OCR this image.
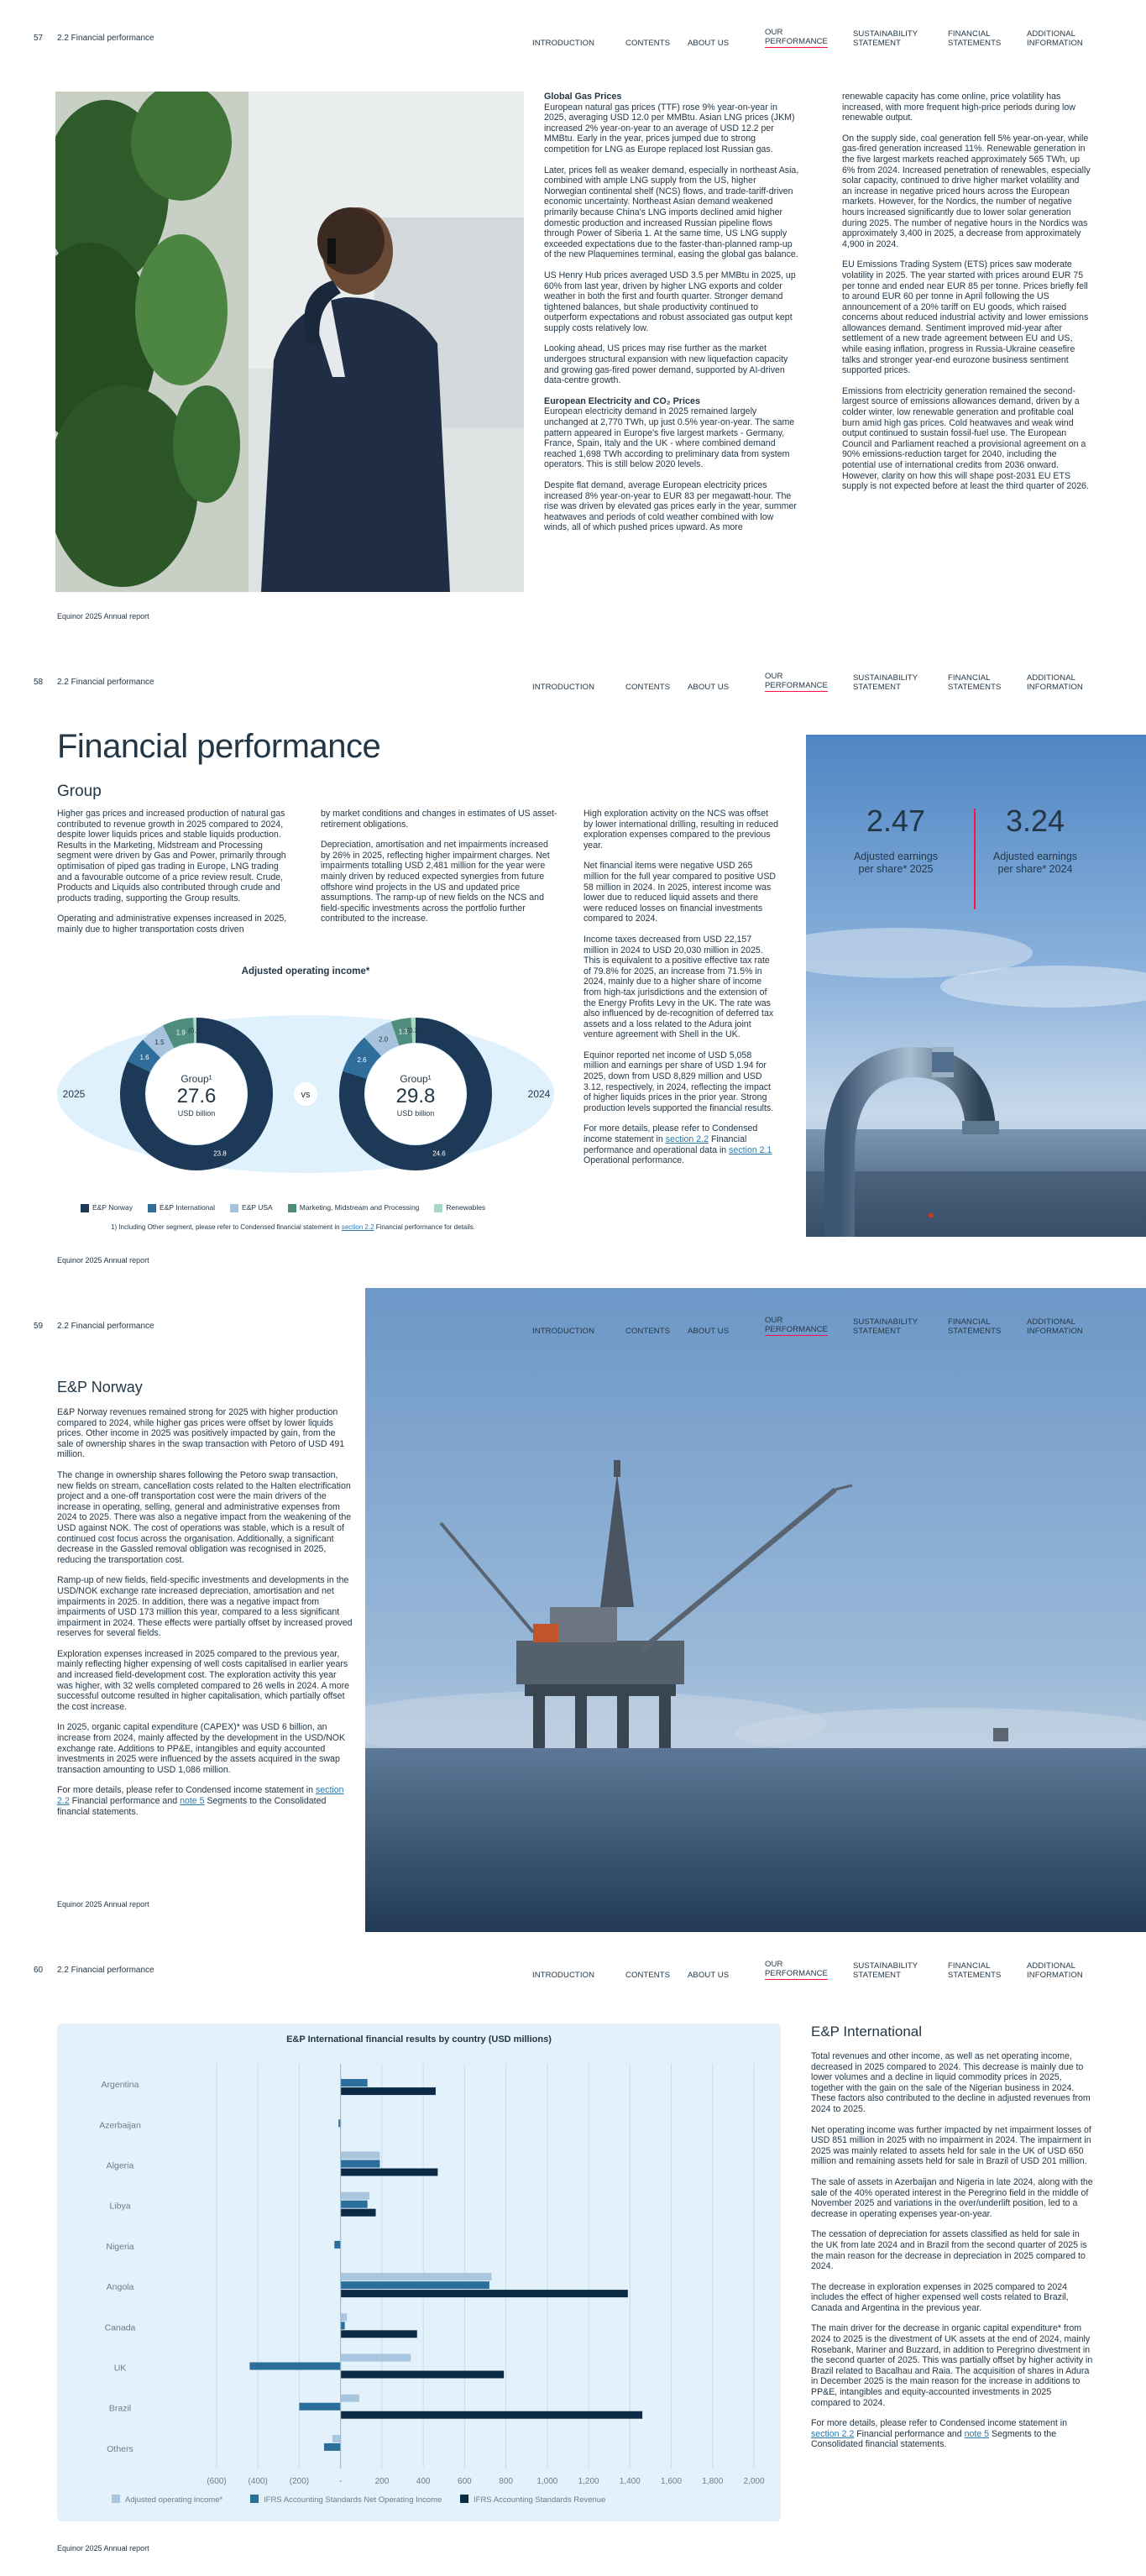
57 2.2 Financial performance
INTRODUCTION	CONTENTS ABOUT US
OUR
PERFORMANCE
SUSTAINABILITY
STATEMENT
FINANCIAL
STATEMENTS
ADDITIONAL
INFORMATION
Global Gas Prices

European natural gas prices (TTF) rose 9% year-on-year in 2025, averaging USD 12.0 per MMBtu. Asian LNG prices (JKM) increased 2% year-on-year to an average of USD 12.2 per MMBtu. Early in the year, prices jumped due to strong competition for LNG as Europe replaced lost Russian gas.

Later, prices fell as weaker demand, especially in northeast Asia, combined with ample LNG supply from the US, higher Norwegian continental shelf (NCS) flows, and trade-tariff-driven economic uncertainty. Northeast Asian demand weakened primarily because China's LNG imports declined amid higher domestic production and increased Russian pipeline flows through Power of Siberia 1. At the same time, US LNG supply exceeded expectations due to the faster-than-planned ramp-up of the new Plaquemines terminal, easing the global gas balance.

US Henry Hub prices averaged USD 3.5 per MMBtu in 2025, up 60% from last year, driven by higher LNG exports and colder weather in both the first and fourth quarter. Stronger demand tightened balances, but shale productivity continued to outperform expectations and robust associated gas output kept supply costs relatively low.

Looking ahead, US prices may rise further as the market undergoes structural expansion with new liquefaction capacity and growing gas-fired power demand, supported by AI-driven data-centre growth.

European Electricity and CO₂ Prices

European electricity demand in 2025 remained largely unchanged at 2,770 TWh, up just 0.5% year-on-year. The same pattern appeared in Europe's five largest markets - Germany, France, Spain, Italy and the UK - where combined demand reached 1,698 TWh according to preliminary data from system operators. This is still below 2020 levels.

Despite flat demand, average European electricity prices increased 8% year-on-year to EUR 83 per megawatt-hour. The rise was driven by elevated gas prices early in the year, summer heatwaves and periods of cold weather combined with low winds, all of which pushed prices upward. As more

renewable capacity has come online, price volatility has increased, with more frequent high-price periods during low renewable output.

On the supply side, coal generation fell 5% year-on-year, while gas-fired generation increased 11%. Renewable generation in the five largest markets reached approximately 565 TWh, up 6% from 2024. Increased penetration of renewables, especially solar capacity, continued to drive higher market volatility and an increase in negative priced hours across the European markets. However, for the Nordics, the number of negative hours increased significantly due to lower solar generation during 2025. The number of negative hours in the Nordics was approximately 3,400 in 2025, a decrease from approximately 4,900 in 2024.

EU Emissions Trading System (ETS) prices saw moderate volatility in 2025. The year started with prices around EUR 75 per tonne and ended near EUR 85 per tonne. Prices briefly fell to around EUR 60 per tonne in April following the US announcement of a 20% tariff on EU goods, which raised concerns about reduced industrial activity and lower emissions allowances demand. Sentiment improved mid-year after settlement of a new trade agreement between EU and US, while easing inflation, progress in Russia-Ukraine ceasefire talks and stronger year-end eurozone business sentiment supported prices.

Emissions from electricity generation remained the second-largest source of emissions allowances demand, driven by a colder winter, low renewable generation and profitable coal burn amid high gas prices. Cold heatwaves and weak wind output continued to sustain fossil-fuel use. The European Council and Parliament reached a provisional agreement on a 90% emissions-reduction target for 2040, including the potential use of international credits from 2036 onward. However, clarity on how this will shape post-2031 EU ETS supply is not expected before at least the third quarter of 2026.

Equinor 2025 Annual report
58 2.2 Financial performance
INTRODUCTION	CONTENTS ABOUT US
OUR
PERFORMANCE
SUSTAINABILITY
STATEMENT
FINANCIAL
STATEMENTS
ADDITIONAL
INFORMATION
Financial performance
Group

Higher gas prices and increased production of natural gas contributed to revenue growth in 2025 compared to 2024, despite lower liquids prices and stable liquids production. Results in the Marketing, Midstream and Processing segment were driven by Gas and Power, primarily through optimisation of piped gas trading in Europe, LNG trading and a favourable outcome of a price review result. Crude, Products and Liquids also contributed through crude and products trading, supporting the Group results.

Operating and administrative expenses increased in 2025, mainly due to higher transportation costs driven

by market conditions and changes in estimates of US asset-retirement obligations.

Depreciation, amortisation and net impairments increased by 26% in 2025, reflecting higher impairment charges. Net impairments totalling USD 2,481 million for the year were mainly driven by reduced expected synergies from future offshore wind projects in the US and updated price assumptions. The ramp-up of new fields on the NCS and field-specific investments across the portfolio further contributed to the increase.

High exploration activity on the NCS was offset by lower international drilling, resulting in reduced exploration expenses compared to the previous year.

Net financial items were negative USD 265 million for the full year compared to positive USD 58 million in 2024. In 2025, interest income was lower due to reduced liquid assets and there were reduced losses on financial investments compared to 2024.

Income taxes decreased from USD 22,157 million in 2024 to USD 20,030 million in 2025. This is equivalent to a positive effective tax rate of 79.8% for 2025, an increase from 71.5% in 2024, mainly due to a higher share of income from high-tax jurisdictions and the extension of the Energy Profits Levy in the UK. The rate was also influenced by de-recognition of deferred tax assets and a loss related to the Adura joint venture agreement with Shell in the UK.

Equinor reported net income of USD 5,058 million and earnings per share of USD 1.94 for 2025, down from USD 8,829 million and USD 3.12, respectively, in 2024, reflecting the impact of higher liquids prices in the prior year. Strong production levels supported the financial results.

For more details, please refer to Condensed income statement in section 2.2 Financial performance and operational data in section 2.1 Operational performance.

Adjusted operating income*
23.8
1.6
1.5
1.9 (0.2)
Group¹
27.6
USD billion
24.6
2.6
2.0
1.3
(0.3)
Group¹
29.8
USD billion
2025	2024
vs
E&P Norway	E&P International	E&P USA	Marketing, Midstream and Processing	Renewables
1) Including Other segment, please refer to Condensed financial statement in section 2.2 Financial performance for details.
2.47
Adjusted earnings per share* 2025
3.24
Adjusted earnings per share* 2024
Equinor 2025 Annual report
59 2.2 Financial performance
E&P Norway

E&P Norway revenues remained strong for 2025 with higher production compared to 2024, while higher gas prices were offset by lower liquids prices. Other income in 2025 was positively impacted by gain, from the sale of ownership shares in the swap transaction with Petoro of USD 491 million.

The change in ownership shares following the Petoro swap transaction, new fields on stream, cancellation costs related to the Halten electrification project and a one-off transportation cost were the main drivers of the increase in operating, selling, general and administrative expenses from 2024 to 2025. There was also a negative impact from the weakening of the USD against NOK. The cost of operations was stable, which is a result of continued cost focus across the organisation. Additionally, a significant decrease in the Gassled removal obligation was recognised in 2025, reducing the transportation cost.

Ramp-up of new fields, field-specific investments and developments in the USD/NOK exchange rate increased depreciation, amortisation and net impairments in 2025. In addition, there was a negative impact from impairments of USD 173 million this year, compared to a less significant impairment in 2024. These effects were partially offset by increased proved reserves for several fields.

Exploration expenses increased in 2025 compared to the previous year, mainly reflecting higher expensing of well costs capitalised in earlier years and increased field-development cost. The exploration activity this year was higher, with 32 wells completed compared to 26 wells in 2024. A more successful outcome resulted in higher capitalisation, which partially offset the cost increase.

In 2025, organic capital expenditure (CAPEX)* was USD 6 billion, an increase from 2024, mainly affected by the development in the USD/NOK exchange rate. Additions to PP&E, intangibles and equity accounted investments in 2025 were influenced by the assets acquired in the swap transaction amounting to USD 1,086 million.

For more details, please refer to Condensed income statement in section 2.2 Financial performance and note 5 Segments to the Consolidated financial statements.

INTRODUCTION	CONTENTS ABOUT US
OUR
PERFORMANCE
SUSTAINABILITY
STATEMENT
FINANCIAL
STATEMENTS
ADDITIONAL
INFORMATION
Equinor 2025 Annual report
60 2.2 Financial performance
INTRODUCTION	CONTENTS ABOUT US
OUR
PERFORMANCE
SUSTAINABILITY
STATEMENT
FINANCIAL
STATEMENTS
ADDITIONAL
INFORMATION
E&P International financial results by country (USD millions)
(600)	(400)	(200)	-	200	400	600	800	1,000 1,200 1,400 1,600 1,800 2,000
Argentina
Azerbaijan
Algeria
Libya
Nigeria
Angola
Canada
UK
Brazil
Others
Adjusted operating income*	IFRS Accounting Standards Net Operating Income	IFRS Accounting Standards Revenue
E&P International

Total revenues and other income, as well as net operating income, decreased in 2025 compared to 2024. This decrease is mainly due to lower volumes and a decline in liquid commodity prices in 2025, together with the gain on the sale of the Nigerian business in 2024. These factors also contributed to the decline in adjusted revenues from 2024 to 2025.

Net operating income was further impacted by net impairment losses of USD 851 million in 2025 with no impairment in 2024. The impairment in 2025 was mainly related to assets held for sale in the UK of USD 650 million and remaining assets held for sale in Brazil of USD 201 million.

The sale of assets in Azerbaijan and Nigeria in late 2024, along with the sale of the 40% operated interest in the Peregrino field in the middle of November 2025 and variations in the over/underlift position, led to a decrease in operating expenses year-on-year.

The cessation of depreciation for assets classified as held for sale in the UK from late 2024 and in Brazil from the second quarter of 2025 is the main reason for the decrease in depreciation in 2025 compared to 2024.

The decrease in exploration expenses in 2025 compared to 2024 includes the effect of higher expensed well costs related to Brazil, Canada and Argentina in the previous year.

The main driver for the decrease in organic capital expenditure* from 2024 to 2025 is the divestment of UK assets at the end of 2024, mainly Rosebank, Mariner and Buzzard, in addition to Peregrino divestment in the second quarter of 2025. This was partially offset by higher activity in Brazil related to Bacalhau and Raia. The acquisition of shares in Adura in December 2025 is the main reason for the increase in additions to PP&E, intangibles and equity-accounted investments in 2025 compared to 2024.

For more details, please refer to Condensed income statement in section 2.2 Financial performance and note 5 Segments to the Consolidated financial statements.

Equinor 2025 Annual report
